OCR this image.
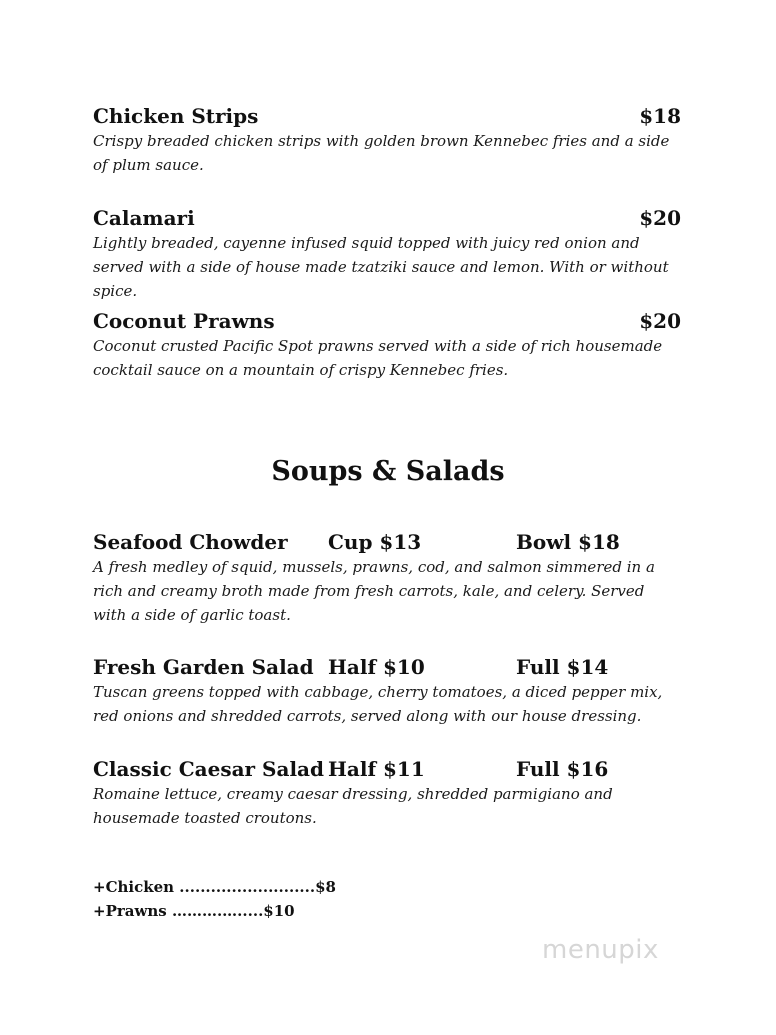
Chicken Strips	$18
Crispy breaded chicken strips with golden brown Kennebec fries and a side of plum sauce.
Calamari	$20
Lightly breaded, cayenne infused squid topped with juicy red onion and served with a side of house made tzatziki sauce and lemon. With or without spice.
Coconut Prawns	$20
Coconut crusted Pacific Spot prawns served with a side of rich housemade cocktail sauce on a mountain of crispy Kennebec fries.
Soups & Salads
Seafood Chowder Cup $13	Bowl $18
A fresh medley of squid, mussels, prawns, cod, and salmon simmered in a rich and creamy broth made from fresh carrots, kale, and celery. Served with a side of garlic toast.
Fresh Garden Salad Half $10	Full $14
Tuscan greens topped with cabbage, cherry tomatoes, a diced pepper mix, red onions and shredded carrots, served along with our house dressing.
Classic Caesar Salad Half $11	Full $16
Romaine lettuce, creamy caesar dressing, shredded parmigiano and housemade toasted croutons.
+Chicken ..........................$8
+Prawns ……….….....$10
menupix
